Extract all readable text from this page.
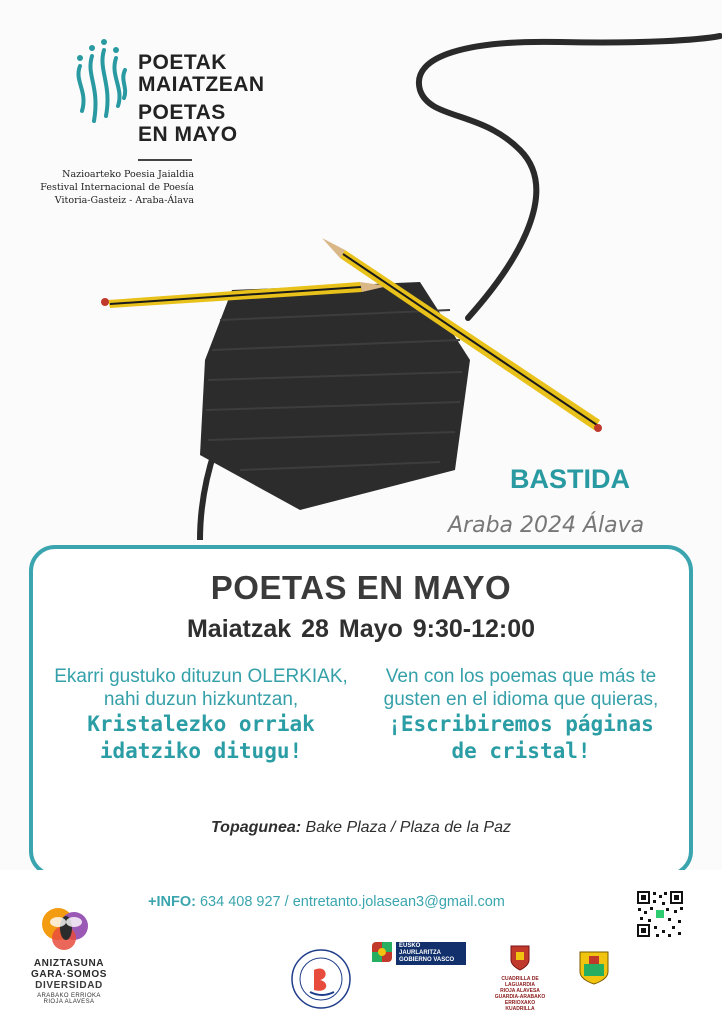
POETAK
MAIATZEAN
POETAS
EN MAYO
Nazioarteko Poesia Jaialdia
Festival Internacional de Poesía
Vitoria-Gasteiz - Araba-Álava
BASTIDA
Araba 2024 Álava
POETAS EN MAYO
Maiatzak 28 Mayo 9:30-12:00
Ekarri gustuko dituzun OLERKIAK, nahi duzun hizkuntzan,
Kristalezko orriak idatziko ditugu!
Ven con los poemas que más te gusten en el idioma que quieras,
¡Escribiremos páginas de cristal!
Topagunea: Bake Plaza / Plaza de la Paz
+INFO: 634 408 927 / entretanto.jolasean3@gmail.com
ANIZTASUNA
GARA·SOMOS
DIVERSIDAD
ARABAKO ERRIOKA
RIOJA ALAVESA
EUSKO JAURLARITZA
GOBIERNO VASCO
CUADRILLA DE LAGUARDIA
RIOJA ALAVESA
GUARDIA-ARABAKO ERRIOXAKO
KUADRILLA
